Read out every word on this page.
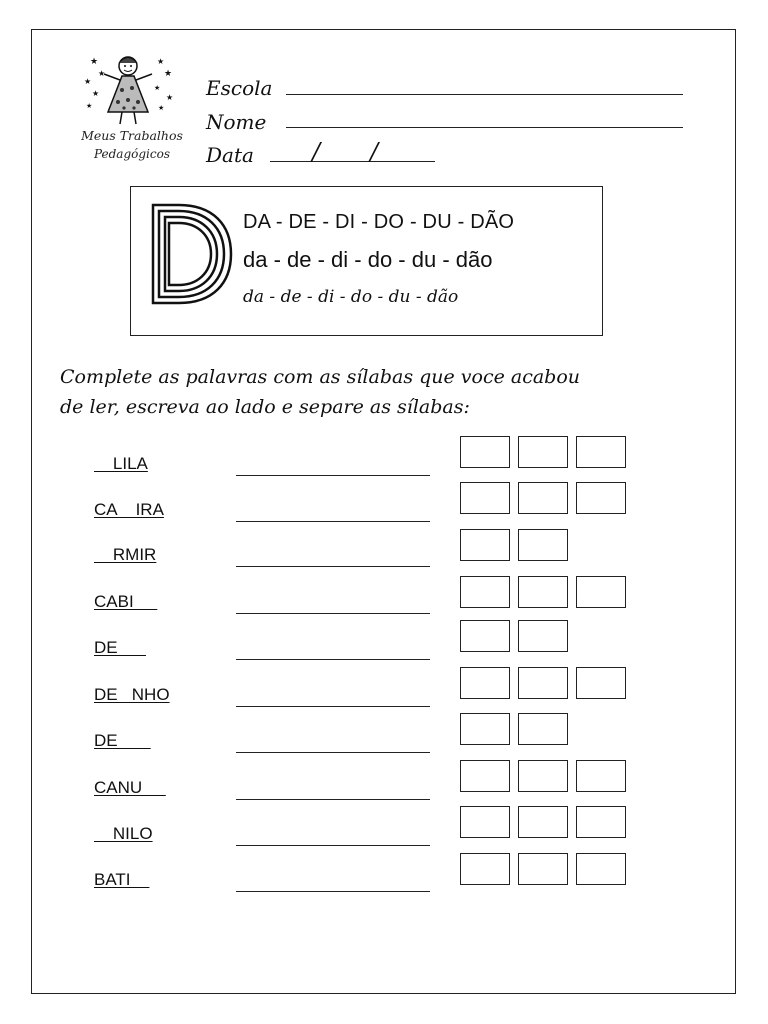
★
★
★
★
★
★
★
★
★
★
Meus Trabalhos
Pedagógicos
Escola
Nome
Data / /
DA - DE - DI - DO - DU - DÃO
da - de - di - do - du - dão
da - de - di - do - du - dão
Complete as palavras com as sílabas que voce acabou
de ler, escreva ao lado e separe as sílabas:
LILA
CA    IRA
RMIR
CABI
DE
DE   NHO
DE
CANU
NILO
BATI
